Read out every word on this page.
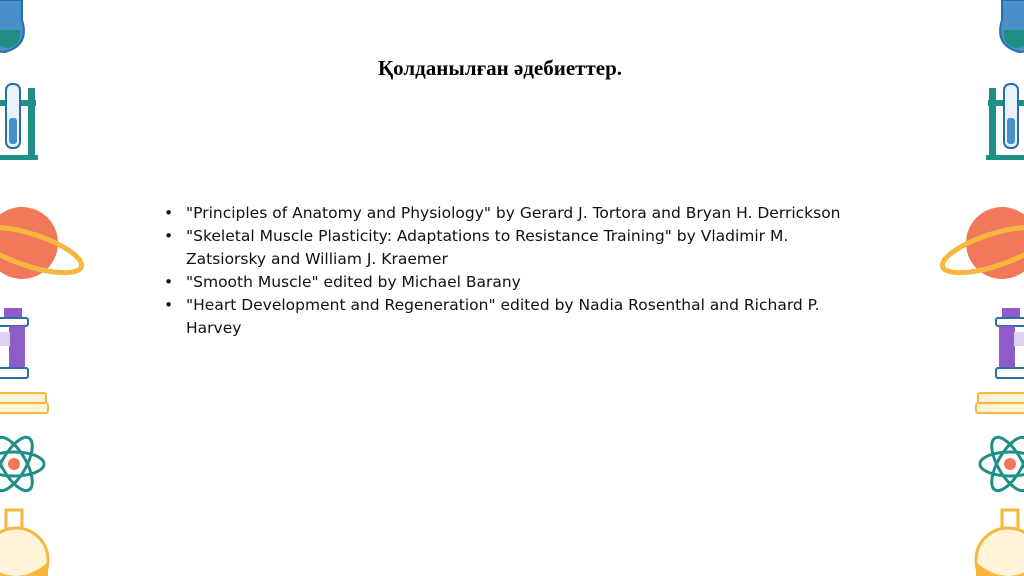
Қолданылған әдебиеттер.
• "Principles of Anatomy and Physiology" by Gerard J. Tortora and Bryan H. Derrickson
• "Skeletal Muscle Plasticity: Adaptations to Resistance Training" by Vladimir M. Zatsiorsky and William J. Kraemer
• "Smooth Muscle" edited by Michael Barany
• "Heart Development and Regeneration" edited by Nadia Rosenthal and Richard P. Harvey
